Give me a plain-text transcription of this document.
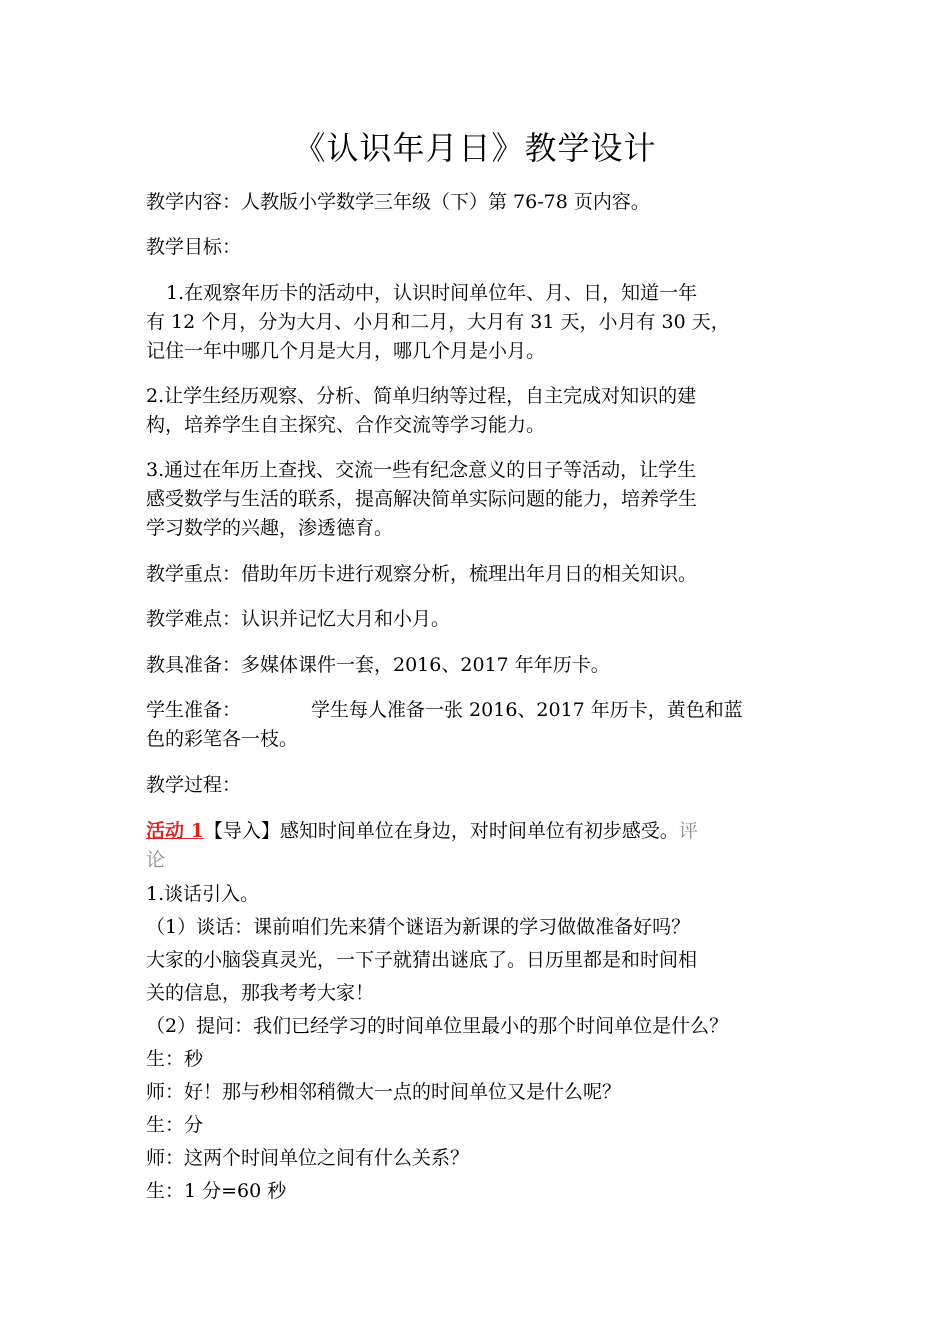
《认识年月日》教学设计
教学内容：人教版小学数学三年级（下）第 76-78 页内容。
教学目标：
1.在观察年历卡的活动中，认识时间单位年、月、日，知道一年
有 12 个月，分为大月、小月和二月，大月有 31 天，小月有 30 天，
记住一年中哪几个月是大月，哪几个月是小月。
2.让学生经历观察、分析、简单归纳等过程，自主完成对知识的建
构，培养学生自主探究、合作交流等学习能力。
3.通过在年历上查找、交流一些有纪念意义的日子等活动，让学生
感受数学与生活的联系，提高解决简单实际问题的能力，培养学生
学习数学的兴趣，渗透德育。
教学重点：借助年历卡进行观察分析，梳理出年月日的相关知识。
教学难点：认识并记忆大月和小月。
教具准备：多媒体课件一套，2016、2017 年年历卡。
学生准备：	学生每人准备一张 2016、2017 年历卡，黄色和蓝
色的彩笔各一枝。
教学过程：
活动 1【导入】感知时间单位在身边，对时间单位有初步感受。评
论
1.谈话引入。
（1）谈话：课前咱们先来猜个谜语为新课的学习做做准备好吗？
大家的小脑袋真灵光，一下子就猜出谜底了。日历里都是和时间相
关的信息，那我考考大家！
（2）提问：我们已经学习的时间单位里最小的那个时间单位是什么？
生：秒
师：好！那与秒相邻稍微大一点的时间单位又是什么呢？
生：分
师：这两个时间单位之间有什么关系？
生：1 分=60 秒
